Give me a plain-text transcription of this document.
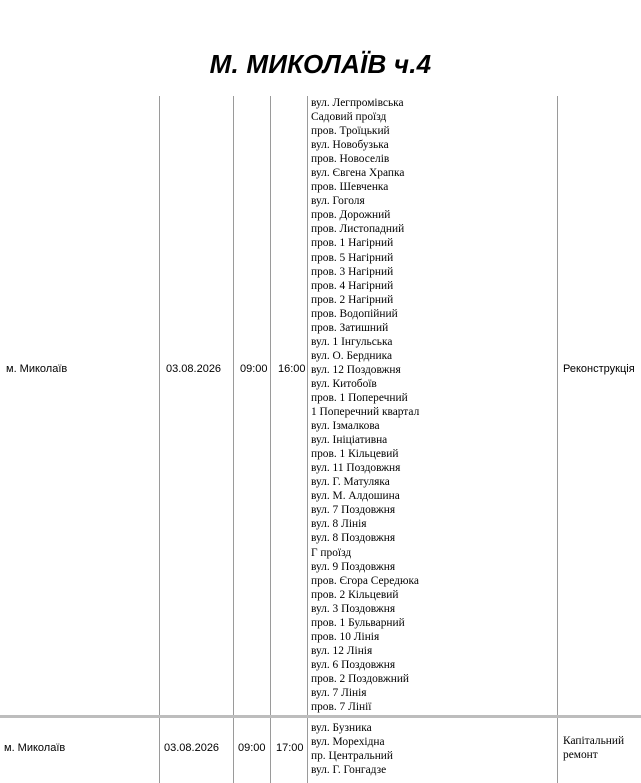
М. МИКОЛАЇВ ч.4
м. Миколаїв	03.08.2026 09:00 16:00
вул. Легпромівська
Садовий проїзд
пров. Троїцький
вул. Новобузька
пров. Новоселів
вул. Євгена Храпка
пров. Шевченка
вул. Гоголя
пров. Дорожний
пров. Листопадний
пров. 1 Нагірний
пров. 5 Нагірний
пров. 3 Нагірний
пров. 4 Нагірний
пров. 2 Нагірний
пров. Водопійний
пров. Затишний
вул. 1 Інгульська
вул. О. Бердника
вул. 12 Поздовжня
вул. Китобоїв
пров. 1 Поперечний
1 Поперечний квартал
вул. Ізмалкова
вул. Ініціативна
пров. 1 Кільцевий
вул. 11 Поздовжня
вул. Г. Матуляка
вул. М. Алдошина
вул. 7 Поздовжня
вул. 8 Лінія
вул. 8 Поздовжня
Г проїзд
вул. 9 Поздовжня
пров. Єгора Середюка
пров. 2 Кільцевий
вул. 3 Поздовжня
пров. 1 Бульварний
пров. 10 Лінія
вул. 12 Лінія
вул. 6 Поздовжня
пров. 2 Поздовжний
вул. 7 Лінія
пров. 7 Лінії
Реконструкція
м. Миколаїв	03.08.2026 09:00 17:00
вул. Бузника
вул. Морехідна
пр. Центральний
вул. Г. Гонгадзе
Капітальний
ремонт
